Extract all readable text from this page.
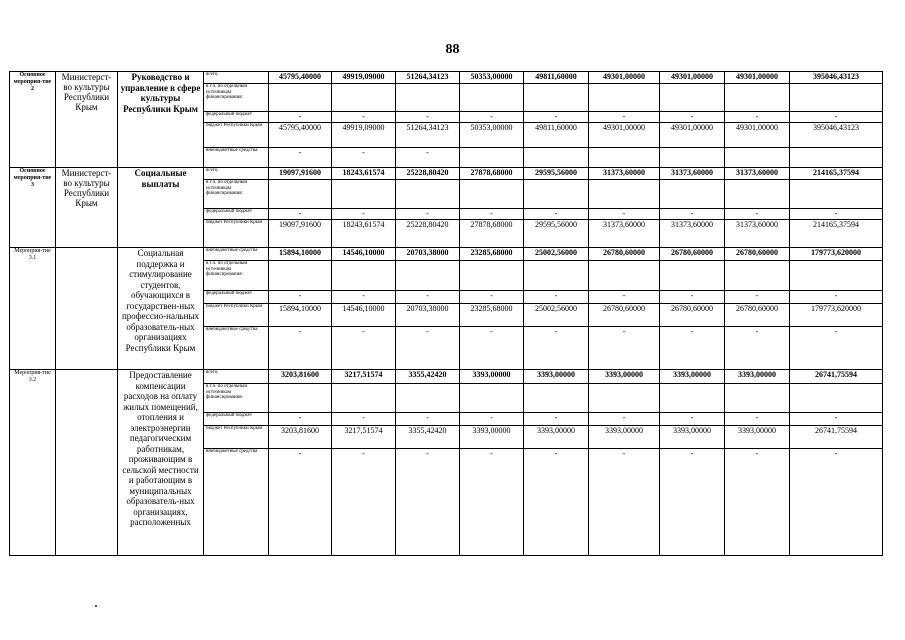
88
Основное мероприя-тие 2	Министерст-во культуры Республики Крым	Руководство и управление в сфере культуры Республики Крым	всего,	45795,40000	49919,09000	51264,34123	50353,00000	49811,60000	49301,00000	49301,00000	49301,00000	395046,43123
			в т.ч. по отдельным источникам финансирования:									
			федеральный бюджет	-	-	-	-	-	-	-	-	-
			бюджет Республики Крым	45795,40000	49919,09000	51264,34123	50353,00000	49811,60000	49301,00000	49301,00000	49301,00000	395046,43123
			внебюджетные средства	-	-	-						
Основное мероприя-тие 3	Министерст-во культуры Республики Крым	Социальные выплаты	всего,	19097,91600	18243,61574	25228,80420	27878,68000	29595,56000	31373,60000	31373,60000	31373,60000	214165,37594
			в т.ч. по отдельным источникам финансирования:									
			федеральный бюджет	-	-	-	-	-	-	-	-	-
			бюджет Республики Крым	19097,91600	18243,61574	25228,80420	27878,68000	29595,56000	31373,60000	31373,60000	31373,60000	214165,37594
Мероприя-тие 3.1		Социальная поддержка и стимулирование студентов, обучающихся в государствен-ных профессио-нальных образователь-ных организациях Республики Крым	внебюджетные средства	15894,10000	14546,10000	20703,38000	23285,68000	25002,56000	26780,60000	26780,60000	26780,60000	179773,620000
			в т.ч. по отдельным источникам финансирования:									
			федеральный бюджет	-	-	-	-	-	-	-	-	-
			бюджет Республики Крым	15894,10000	14546,10000	20703,38000	23285,68000	25002,56000	26780,60000	26780,60000	26780,60000	179773,620000
			внебюджетные средства	-	-	-	-	-	-	-	-	-
Мероприя-тие 3.2		Предоставление компенсации расходов на оплату жилых помещений, отопления и электроэнергии педагогическим работникам, проживающим в сельской местности и работающим в муниципальных образователь-ных организациях, расположенных	всего,	3203,81600	3217,51574	3355,42420	3393,00000	3393,00000	3393,00000	3393,00000	3393,00000	26741,75594
			в т.ч. по отдельным источникам финансирования:									
			федеральный бюджет	-	-	-	-	-	-	-	-	-
			бюджет Республики Крым	3203,81600	3217,51574	3355,42420	3393,00000	3393,00000	3393,00000	3393,00000	3393,00000	26741,75594
			внебюджетные средства	-	-	-	-	-	-	-	-	-
